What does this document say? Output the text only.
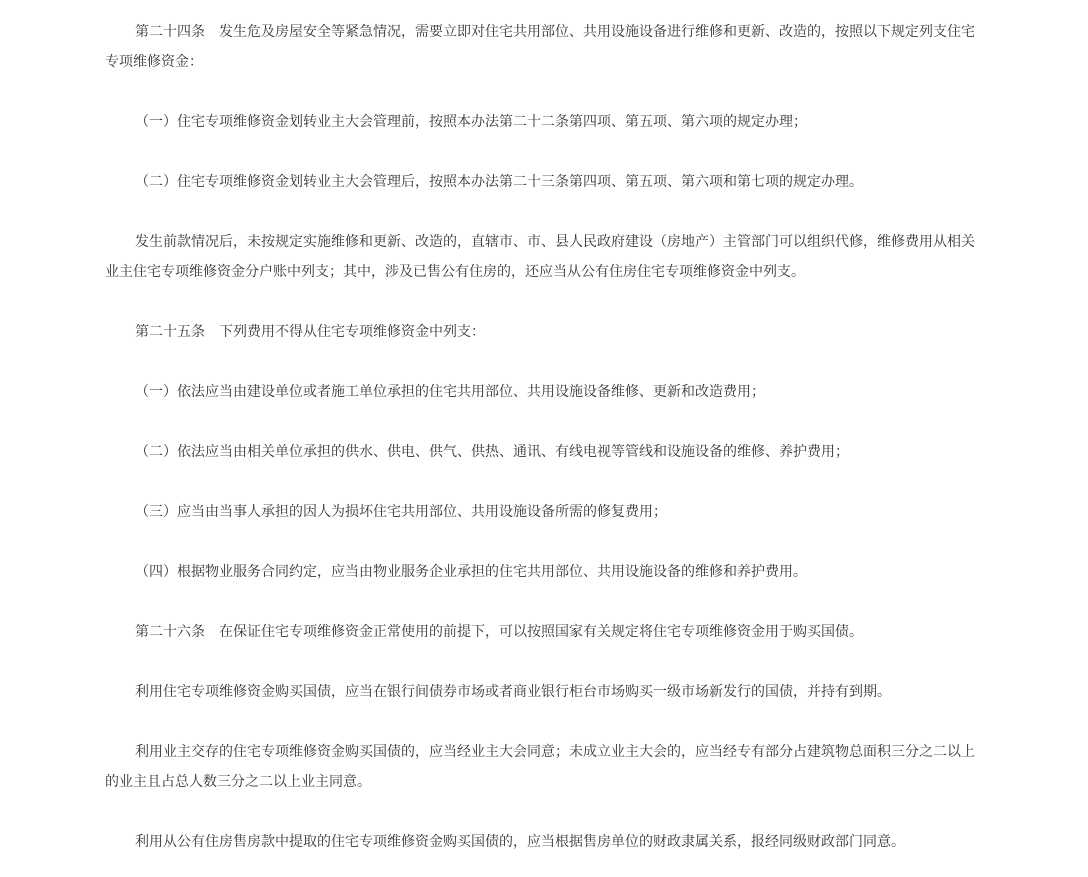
第二十四条　发生危及房屋安全等紧急情况，需要立即对住宅共用部位、共用设施设备进行维修和更新、改造的，按照以下规定列支住宅专项维修资金：

（一）住宅专项维修资金划转业主大会管理前，按照本办法第二十二条第四项、第五项、第六项的规定办理；

（二）住宅专项维修资金划转业主大会管理后，按照本办法第二十三条第四项、第五项、第六项和第七项的规定办理。

发生前款情况后，未按规定实施维修和更新、改造的，直辖市、市、县人民政府建设（房地产）主管部门可以组织代修，维修费用从相关业主住宅专项维修资金分户账中列支；其中，涉及已售公有住房的，还应当从公有住房住宅专项维修资金中列支。

第二十五条　下列费用不得从住宅专项维修资金中列支：

（一）依法应当由建设单位或者施工单位承担的住宅共用部位、共用设施设备维修、更新和改造费用；

（二）依法应当由相关单位承担的供水、供电、供气、供热、通讯、有线电视等管线和设施设备的维修、养护费用；

（三）应当由当事人承担的因人为损坏住宅共用部位、共用设施设备所需的修复费用；

（四）根据物业服务合同约定，应当由物业服务企业承担的住宅共用部位、共用设施设备的维修和养护费用。

第二十六条　在保证住宅专项维修资金正常使用的前提下，可以按照国家有关规定将住宅专项维修资金用于购买国债。

利用住宅专项维修资金购买国债，应当在银行间债券市场或者商业银行柜台市场购买一级市场新发行的国债，并持有到期。

利用业主交存的住宅专项维修资金购买国债的，应当经业主大会同意；未成立业主大会的，应当经专有部分占建筑物总面积三分之二以上的业主且占总人数三分之二以上业主同意。

利用从公有住房售房款中提取的住宅专项维修资金购买国债的，应当根据售房单位的财政隶属关系，报经同级财政部门同意。
